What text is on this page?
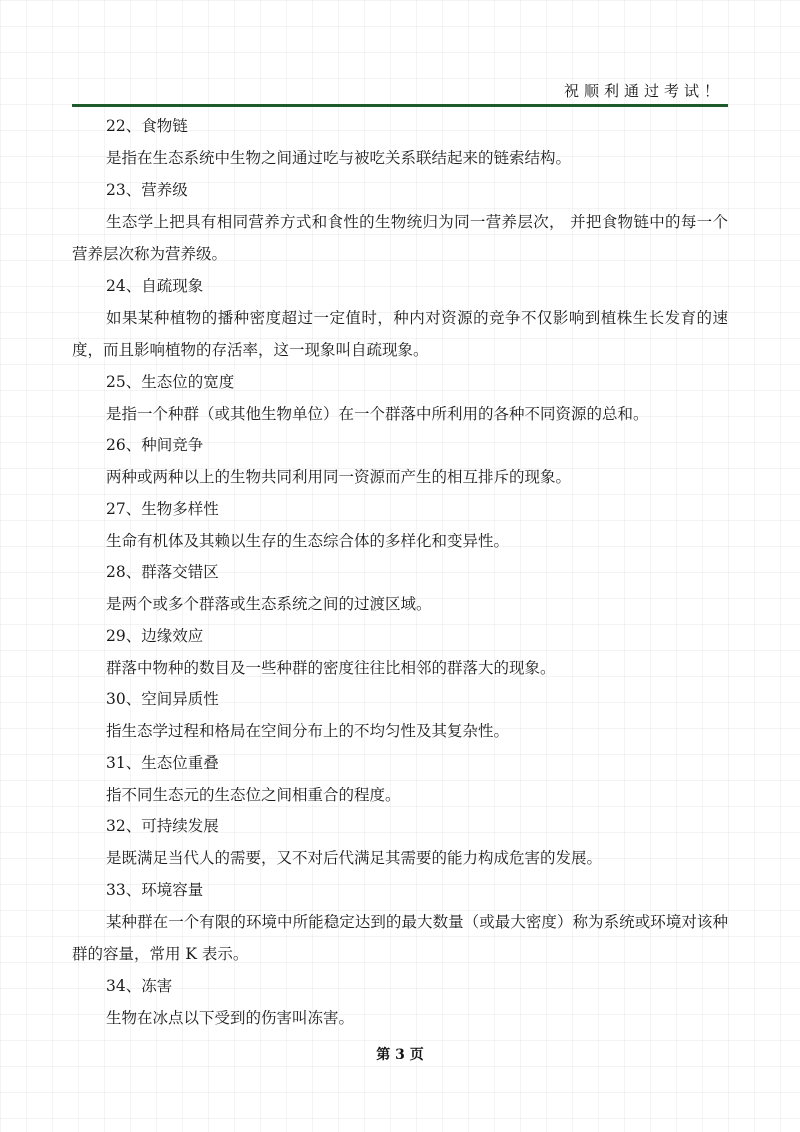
祝顺利通过考试！

22、食物链

是指在生态系统中生物之间通过吃与被吃关系联结起来的链索结构。

23、营养级

生态学上把具有相同营养方式和食性的生物统归为同一营养层次， 并把食物链中的每一个营养层次称为营养级。

24、自疏现象

如果某种植物的播种密度超过一定值时，种内对资源的竞争不仅影响到植株生长发育的速度，而且影响植物的存活率，这一现象叫自疏现象。

25、生态位的宽度

是指一个种群（或其他生物单位）在一个群落中所利用的各种不同资源的总和。

26、种间竞争

两种或两种以上的生物共同利用同一资源而产生的相互排斥的现象。

27、生物多样性

生命有机体及其赖以生存的生态综合体的多样化和变异性。

28、群落交错区

是两个或多个群落或生态系统之间的过渡区域。

29、边缘效应

群落中物种的数目及一些种群的密度往往比相邻的群落大的现象。

30、空间异质性

指生态学过程和格局在空间分布上的不均匀性及其复杂性。

31、生态位重叠

指不同生态元的生态位之间相重合的程度。

32、可持续发展

是既满足当代人的需要，又不对后代满足其需要的能力构成危害的发展。

33、环境容量

某种群在一个有限的环境中所能稳定达到的最大数量（或最大密度）称为系统或环境对该种群的容量，常用 K 表示。

34、冻害

生物在冰点以下受到的伤害叫冻害。

第 3 页
